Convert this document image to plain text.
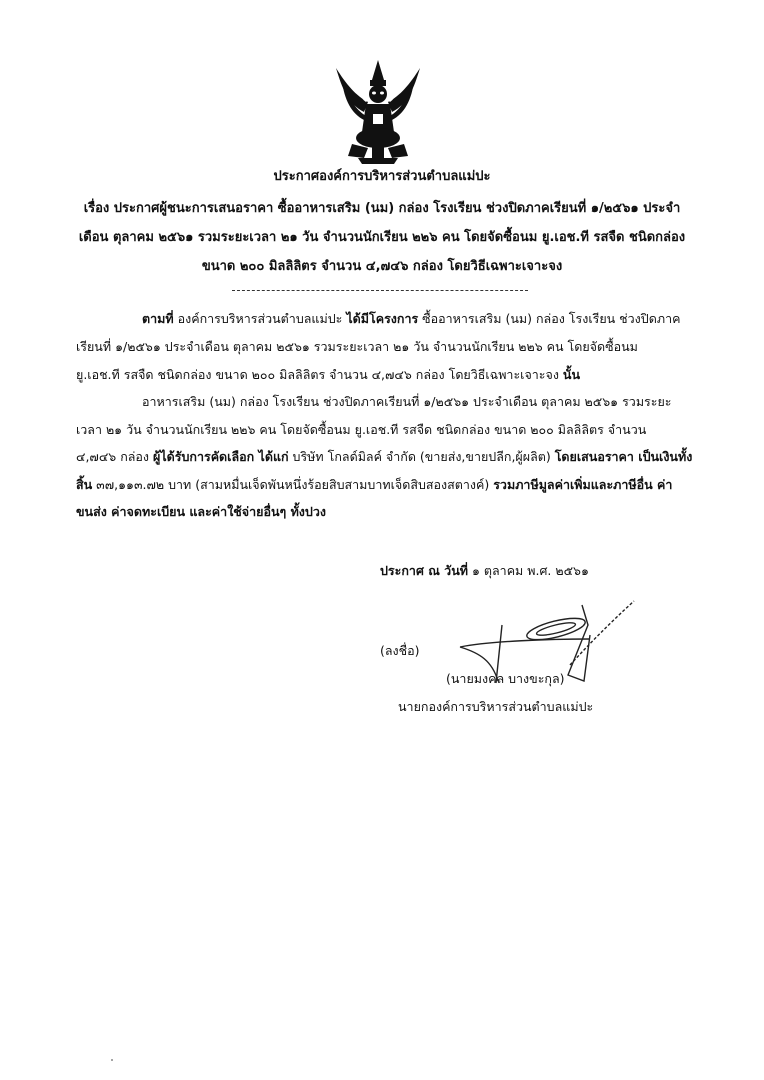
ประกาศองค์การบริหารส่วนตำบลแม่ปะ
เรื่อง ประกาศผู้ชนะการเสนอราคา ซื้ออาหารเสริม (นม) กล่อง โรงเรียน ช่วงปิดภาคเรียนที่ ๑/๒๕๖๑ ประจำ
เดือน ตุลาคม ๒๕๖๑ รวมระยะเวลา ๒๑ วัน จำนวนนักเรียน ๒๒๖ คน โดยจัดซื้อนม ยู.เอช.ที รสจืด ชนิดกล่อง
ขนาด ๒๐๐ มิลลิลิตร จำนวน ๔,๗๔๖ กล่อง โดยวิธีเฉพาะเจาะจง
ตามที่ องค์การบริหารส่วนตำบลแม่ปะ ได้มีโครงการ ซื้ออาหารเสริม (นม) กล่อง โรงเรียน ช่วงปิดภาค
เรียนที่ ๑/๒๕๖๑ ประจำเดือน ตุลาคม ๒๕๖๑ รวมระยะเวลา ๒๑ วัน จำนวนนักเรียน ๒๒๖ คน โดยจัดซื้อนม
ยู.เอช.ที รสจืด ชนิดกล่อง ขนาด ๒๐๐ มิลลิลิตร จำนวน ๔,๗๔๖ กล่อง โดยวิธีเฉพาะเจาะจง นั้น
อาหารเสริม (นม) กล่อง โรงเรียน ช่วงปิดภาคเรียนที่ ๑/๒๕๖๑ ประจำเดือน ตุลาคม ๒๕๖๑ รวมระยะ
เวลา ๒๑ วัน จำนวนนักเรียน ๒๒๖ คน โดยจัดซื้อนม ยู.เอช.ที รสจืด ชนิดกล่อง ขนาด ๒๐๐ มิลลิลิตร จำนวน
๔,๗๔๖ กล่อง ผู้ได้รับการคัดเลือก ได้แก่ บริษัท โกลด์มิลค์ จำกัด (ขายส่ง,ขายปลีก,ผู้ผลิต) โดยเสนอราคา เป็นเงินทั้ง
สิ้น ๓๗,๑๑๓.๗๒ บาท (สามหมื่นเจ็ดพันหนึ่งร้อยสิบสามบาทเจ็ดสิบสองสตางค์) รวมภาษีมูลค่าเพิ่มและภาษีอื่น ค่า
ขนส่ง ค่าจดทะเบียน และค่าใช้จ่ายอื่นๆ ทั้งปวง
ประกาศ ณ วันที่ ๑ ตุลาคม พ.ศ. ๒๕๖๑
(ลงชื่อ)
(นายมงคล บางขะกุล)
นายกองค์การบริหารส่วนตำบลแม่ปะ
